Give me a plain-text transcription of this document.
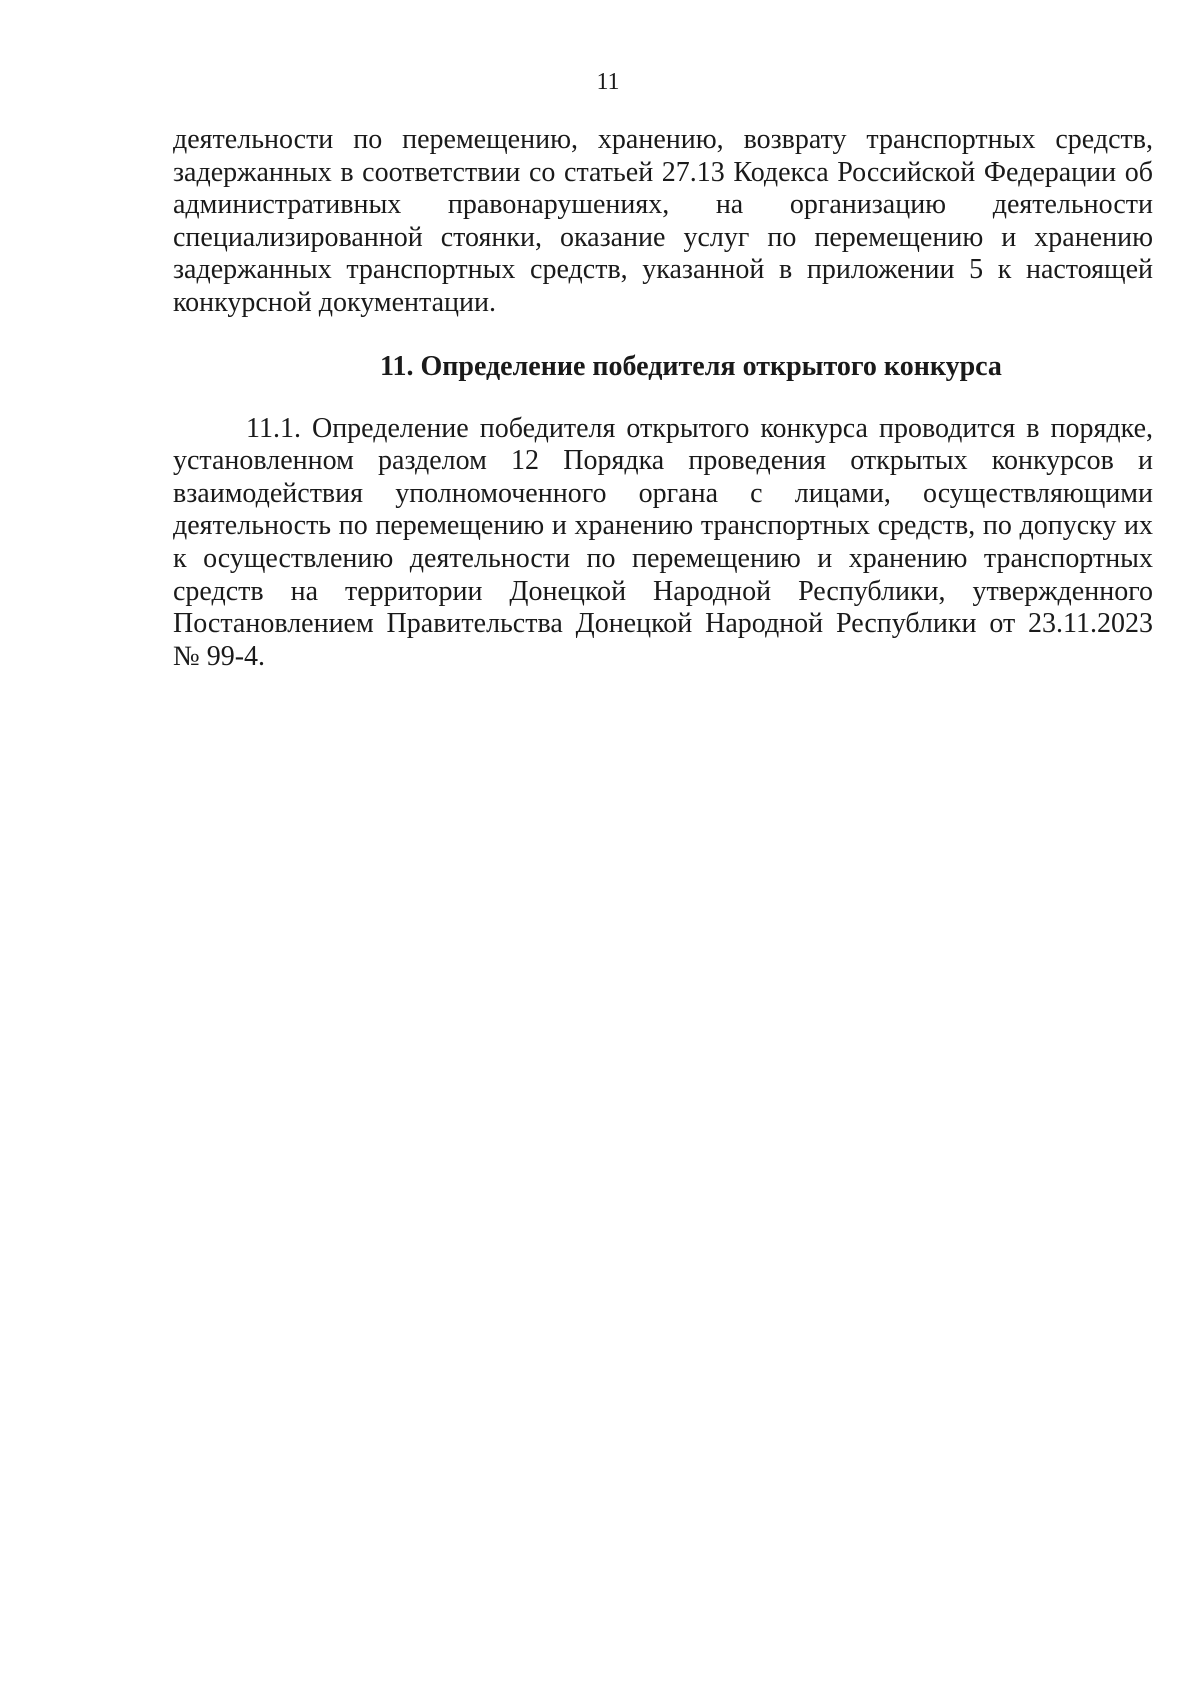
11
деятельности по перемещению, хранению, возврату транспортных средств,
задержанных в соответствии со статьей 27.13 Кодекса Российской Федерации об
административных правонарушениях, на организацию деятельности
специализированной стоянки, оказание услуг по перемещению и хранению
задержанных транспортных средств, указанной в приложении 5 к настоящей
конкурсной документации.
11. Определение победителя открытого конкурса
11.1. Определение победителя открытого конкурса проводится в порядке,
установленном разделом 12 Порядка проведения открытых конкурсов и
взаимодействия уполномоченного органа с лицами, осуществляющими
деятельность по перемещению и хранению транспортных средств, по допуску их
к осуществлению деятельности по перемещению и хранению транспортных
средств на территории Донецкой Народной Республики, утвержденного
Постановлением Правительства Донецкой Народной Республики от 23.11.2023
№ 99-4.
